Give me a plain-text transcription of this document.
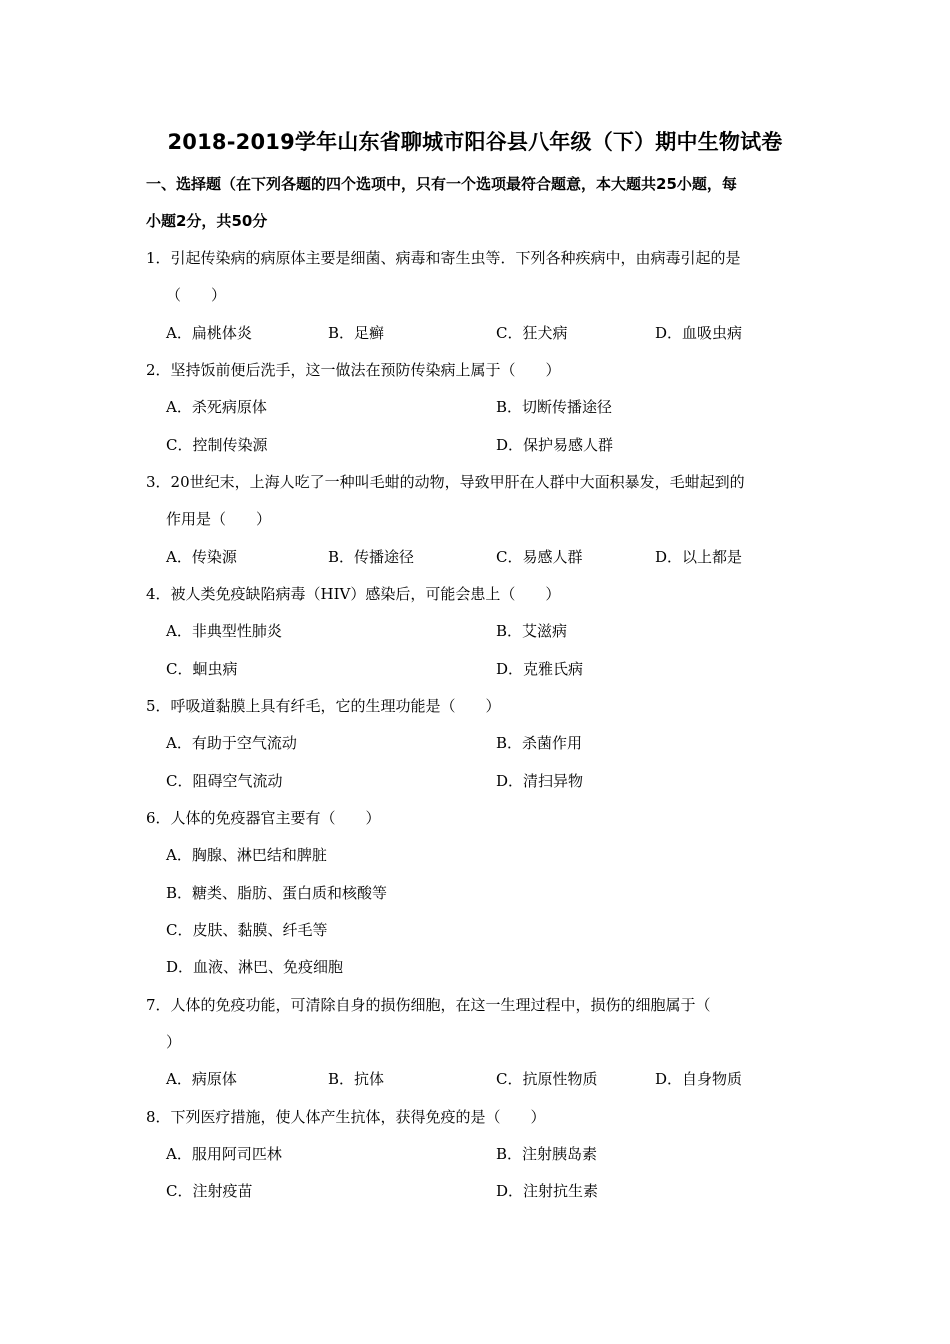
2018-2019学年山东省聊城市阳谷县八年级（下）期中生物试卷
一、选择题（在下列各题的四个选项中，只有一个选项最符合题意，本大题共25小题，每
小题2分，共50分
1．引起传染病的病原体主要是细菌、病毒和寄生虫等．下列各种疾病中，由病毒引起的是
（　　）
A．扁桃体炎	B．足癣	C．狂犬病	D．血吸虫病
2．坚持饭前便后洗手，这一做法在预防传染病上属于（　　）
A．杀死病原体	B．切断传播途径
C．控制传染源	D．保护易感人群
3．20世纪末，上海人吃了一种叫毛蚶的动物，导致甲肝在人群中大面积暴发，毛蚶起到的
作用是（　　）
A．传染源	B．传播途径	C．易感人群	D．以上都是
4．被人类免疫缺陷病毒（HIV）感染后，可能会患上（　　）
A．非典型性肺炎	B．艾滋病
C．蛔虫病	D．克雅氏病
5．呼吸道黏膜上具有纤毛，它的生理功能是（　　）
A．有助于空气流动	B．杀菌作用
C．阻碍空气流动	D．清扫异物
6．人体的免疫器官主要有（　　）
A．胸腺、淋巴结和脾脏
B．糖类、脂肪、蛋白质和核酸等
C．皮肤、黏膜、纤毛等
D．血液、淋巴、免疫细胞
7．人体的免疫功能，可清除自身的损伤细胞，在这一生理过程中，损伤的细胞属于（
）
A．病原体	B．抗体	C．抗原性物质	D．自身物质
8．下列医疗措施，使人体产生抗体，获得免疫的是（　　）
A．服用阿司匹林	B．注射胰岛素
C．注射疫苗	D．注射抗生素
